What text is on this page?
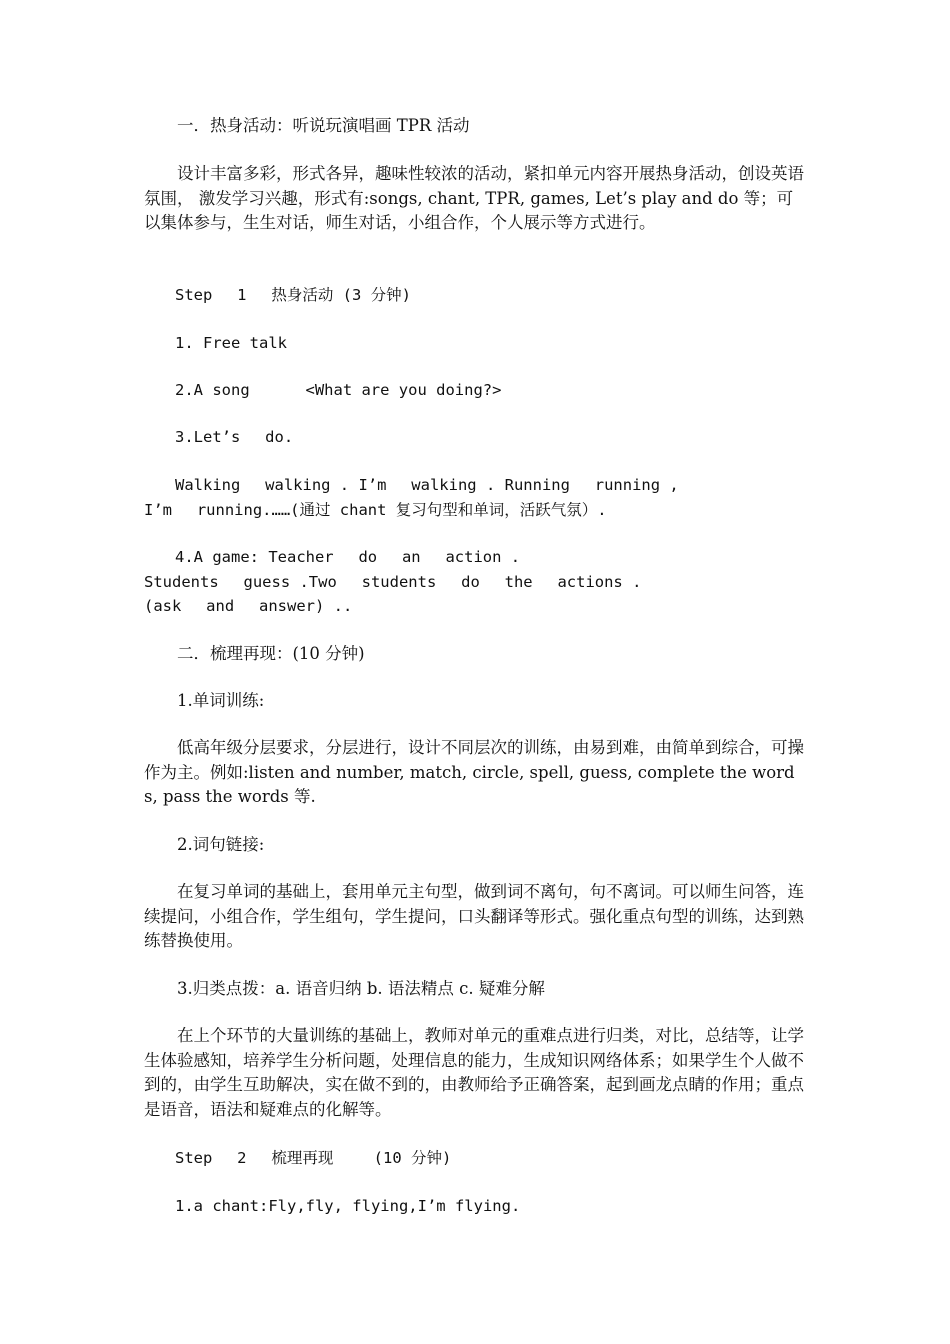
　　一．热身活动：听说玩演唱画 TPR 活动

　　设计丰富多彩，形式各异，趣味性较浓的活动，紧扣单元内容开展热身活动，创设英语氛围， 激发学习兴趣，形式有:songs, chant, TPR, games, Let’s play and do 等；可以集体参与，生生对话，师生对话，小组合作，个人展示等方式进行。

　　Step　 1　 热身活动 (3 分钟)

　　1. Free talk

　　2.A song　　　 <What are you doing?>

　　3.Let’s　 do.

　　Walking　 walking . I’m　 walking . Running　 running ,
I’m　 running.……(通过 chant 复习句型和单词，活跃气氛）.

　　4.A game: Teacher　 do　 an　 action .
Students　 guess .Two　 students　 do　 the　 actions .
(ask　 and　 answer) ..

　　二．梳理再现：(10 分钟)

　　1.单词训练:

　　低高年级分层要求，分层进行，设计不同层次的训练，由易到难，由简单到综合，可操作为主。例如:listen and number, match, circle, spell, guess, complete the words, pass the words 等.

　　2.词句链接:

　　在复习单词的基础上，套用单元主句型，做到词不离句，句不离词。可以师生问答，连续提问，小组合作，学生组句，学生提问，口头翻译等形式。强化重点句型的训练，达到熟练替换使用。

　　3.归类点拨：a. 语音归纳 b. 语法精点 c. 疑难分解

　　在上个环节的大量训练的基础上，教师对单元的重难点进行归类，对比，总结等，让学生体验感知，培养学生分析问题，处理信息的能力，生成知识网络体系；如果学生个人做不到的，由学生互助解决，实在做不到的，由教师给予正确答案，起到画龙点睛的作用；重点是语音，语法和疑难点的化解等。

　　Step　 2　 梳理再现　　 (10 分钟)

　　1.a chant:Fly,fly, flying,I’m flying.
